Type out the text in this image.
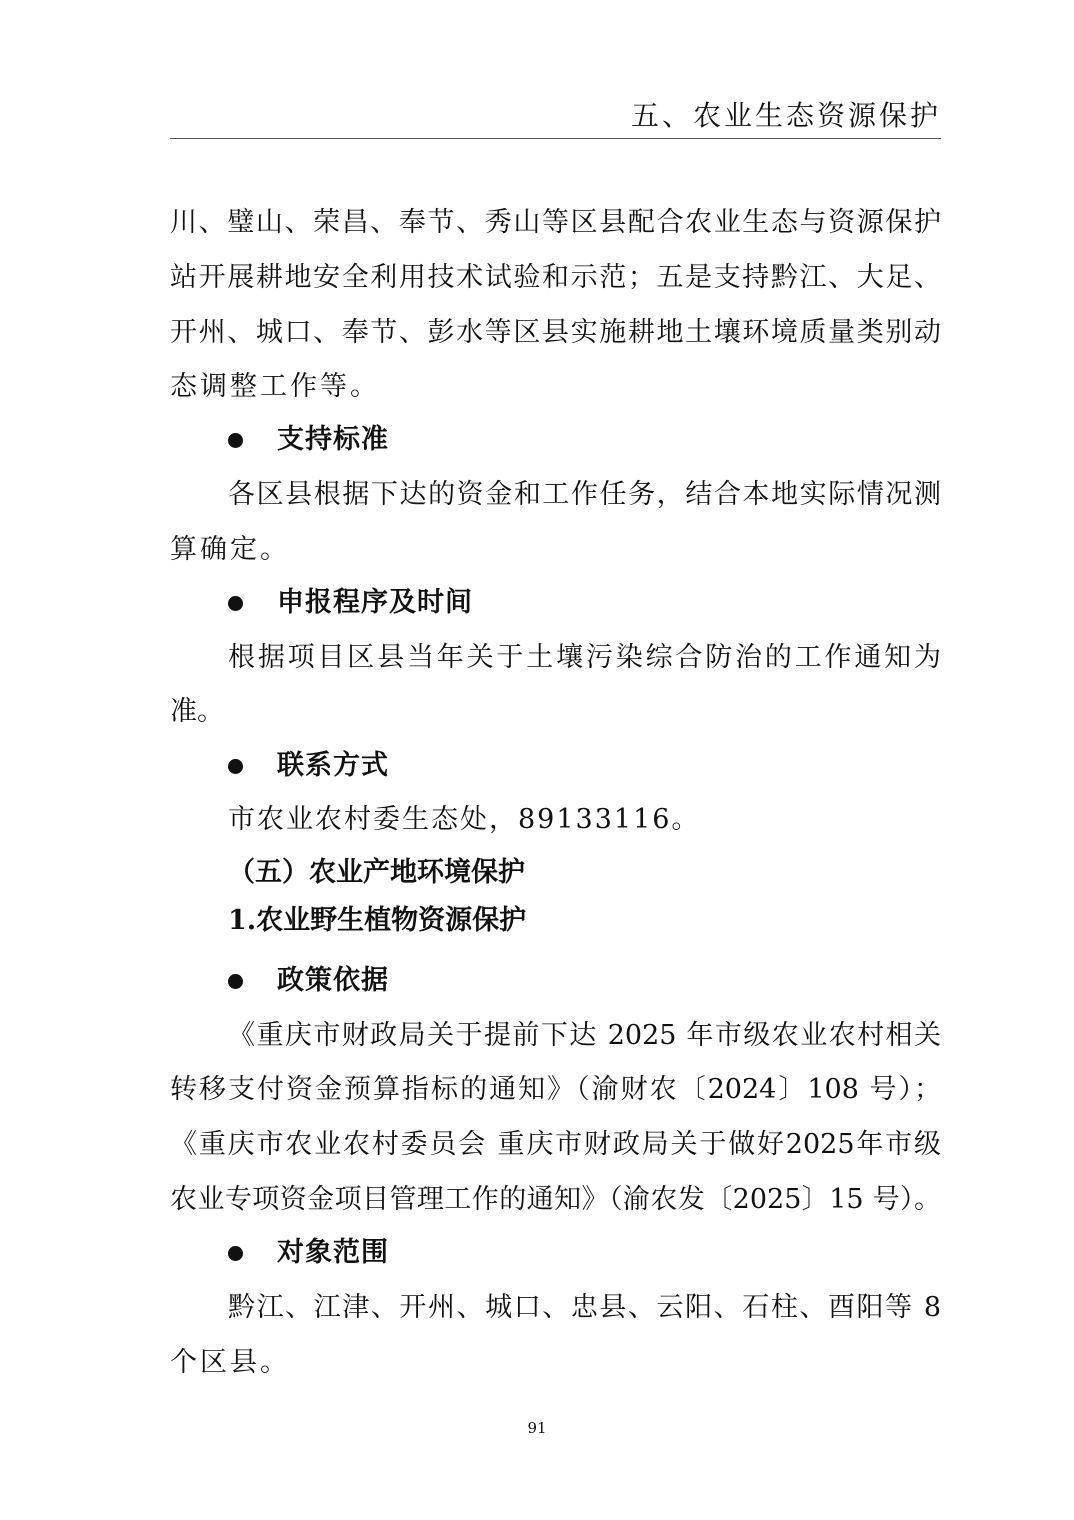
五、农业生态资源保护
川、璧山、荣昌、奉节、秀山等区县配合农业生态与资源保护
站开展耕地安全利用技术试验和示范；五是支持黔江、大足、
开州、城口、奉节、彭水等区县实施耕地土壤环境质量类别动
态调整工作等。
支持标准
各区县根据下达的资金和工作任务，结合本地实际情况测
算确定。
申报程序及时间
根据项目区县当年关于土壤污染综合防治的工作通知为
准。
联系方式
市农业农村委生态处，89133116。
（五）农业产地环境保护
1.农业野生植物资源保护
政策依据
《重庆市财政局关于提前下达 2025 年市级农业农村相关
转移支付资金预算指标的通知》（渝财农〔2024〕108 号）；
《重庆市农业农村委员会 重庆市财政局关于做好2025年市级
农业专项资金项目管理工作的通知》（渝农发〔2025〕15 号）。
对象范围
黔江、江津、开州、城口、忠县、云阳、石柱、酉阳等 8
个区县。
91
